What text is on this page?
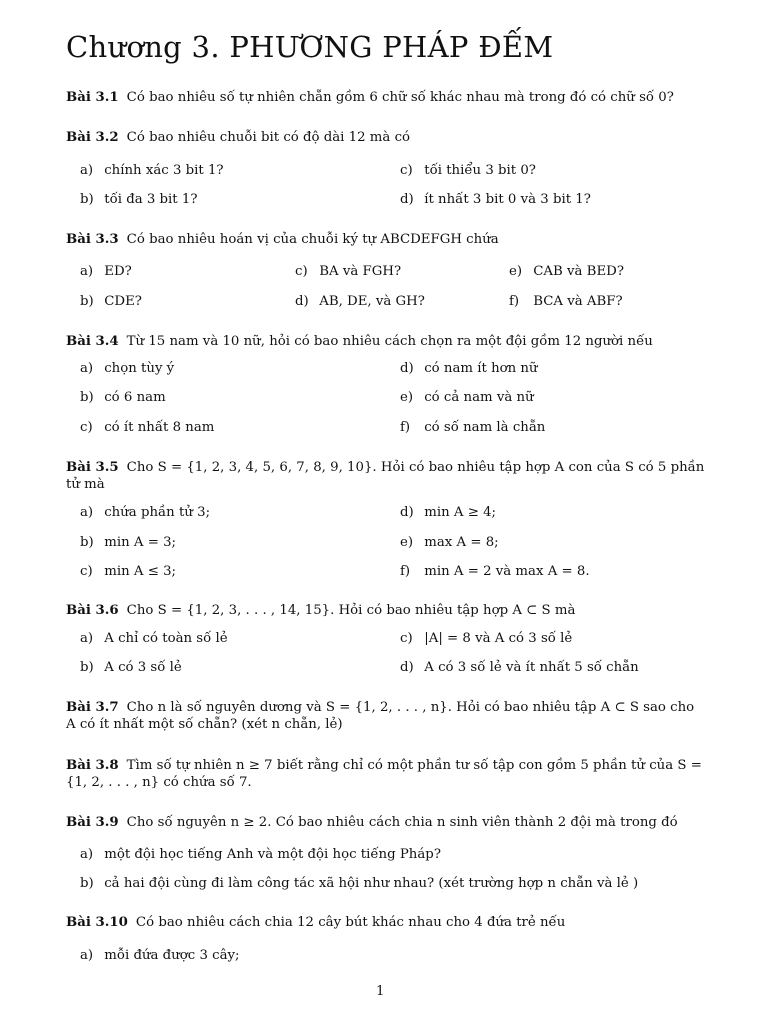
Chương 3. PHƯƠNG PHÁP ĐẾM
Bài 3.1 Có bao nhiêu số tự nhiên chẵn gồm 6 chữ số khác nhau mà trong đó có chữ số 0?
Bài 3.2 Có bao nhiêu chuỗi bit có độ dài 12 mà có
a) chính xác 3 bit 1?
b) tối đa 3 bit 1?
c) tối thiểu 3 bit 0?
d) ít nhất 3 bit 0 và 3 bit 1?
Bài 3.3 Có bao nhiêu hoán vị của chuỗi ký tự ABCDEFGH chứa
a) ED?
b) CDE?
c) BA và FGH?
d) AB, DE, và GH?
e) CAB và BED?
f) BCA và ABF?
Bài 3.4 Từ 15 nam và 10 nữ, hỏi có bao nhiêu cách chọn ra một đội gồm 12 người nếu
a) chọn tùy ý
b) có 6 nam
c) có ít nhất 8 nam
d) có nam ít hơn nữ
e) có cả nam và nữ
f) có số nam là chẵn
Bài 3.5 Cho S = {1, 2, 3, 4, 5, 6, 7, 8, 9, 10}. Hỏi có bao nhiêu tập hợp A con của S có 5 phần tử mà
a) chứa phần tử 3;
b) min A = 3;
c) min A ≤ 3;
d) min A ≥ 4;
e) max A = 8;
f) min A = 2 và max A = 8.
Bài 3.6 Cho S = {1, 2, 3, . . . , 14, 15}. Hỏi có bao nhiêu tập hợp A ⊂ S mà
a) A chỉ có toàn số lẻ
b) A có 3 số lẻ
c) |A| = 8 và A có 3 số lẻ
d) A có 3 số lẻ và ít nhất 5 số chẵn
Bài 3.7 Cho n là số nguyên dương và S = {1, 2, . . . , n}. Hỏi có bao nhiêu tập A ⊂ S sao cho A có ít nhất một số chẵn? (xét n chẵn, lẻ)
Bài 3.8 Tìm số tự nhiên n ≥ 7 biết rằng chỉ có một phần tư số tập con gồm 5 phần tử của S = {1, 2, . . . , n} có chứa số 7.
Bài 3.9 Cho số nguyên n ≥ 2. Có bao nhiêu cách chia n sinh viên thành 2 đội mà trong đó
a) một đội học tiếng Anh và một đội học tiếng Pháp?
b) cả hai đội cùng đi làm công tác xã hội như nhau? (xét trường hợp n chẵn và lẻ )
Bài 3.10 Có bao nhiêu cách chia 12 cây bút khác nhau cho 4 đứa trẻ nếu
a) mỗi đứa được 3 cây;
1
